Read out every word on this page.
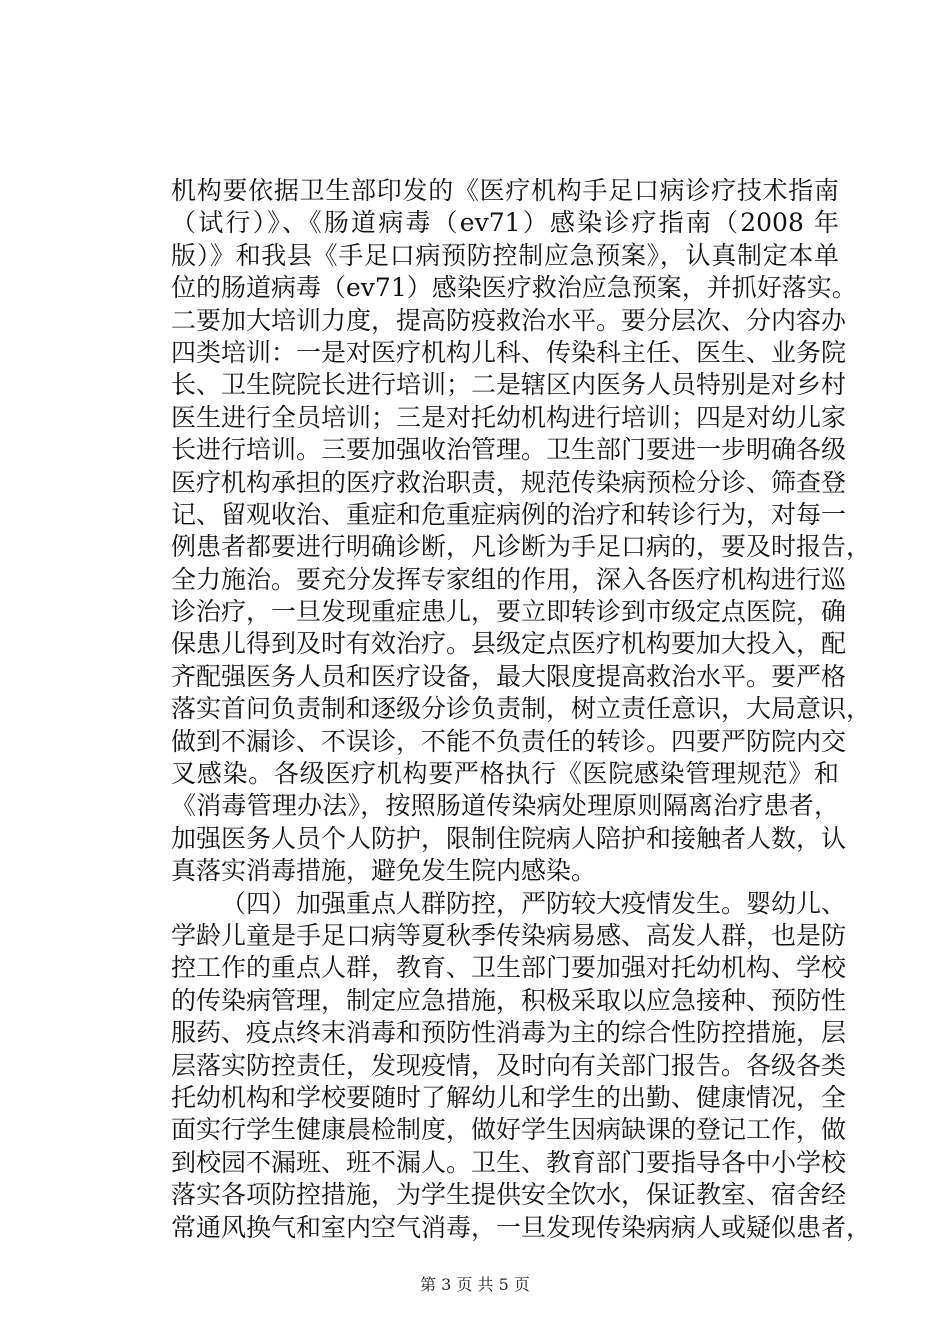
机构要依据卫生部印发的《医疗机构手足口病诊疗技术指南
（试行）》、《肠道病毒（ev71）感染诊疗指南（2008 年
版）》和我县《手足口病预防控制应急预案》，认真制定本单
位的肠道病毒（ev71）感染医疗救治应急预案，并抓好落实。
二要加大培训力度，提高防疫救治水平。要分层次、分内容办
四类培训：一是对医疗机构儿科、传染科主任、医生、业务院
长、卫生院院长进行培训；二是辖区内医务人员特别是对乡村
医生进行全员培训；三是对托幼机构进行培训；四是对幼儿家
长进行培训。三要加强收治管理。卫生部门要进一步明确各级
医疗机构承担的医疗救治职责，规范传染病预检分诊、筛查登
记、留观收治、重症和危重症病例的治疗和转诊行为，对每一
例患者都要进行明确诊断，凡诊断为手足口病的，要及时报告，
全力施治。要充分发挥专家组的作用，深入各医疗机构进行巡
诊治疗，一旦发现重症患儿，要立即转诊到市级定点医院，确
保患儿得到及时有效治疗。县级定点医疗机构要加大投入，配
齐配强医务人员和医疗设备，最大限度提高救治水平。要严格
落实首问负责制和逐级分诊负责制，树立责任意识，大局意识，
做到不漏诊、不误诊，不能不负责任的转诊。四要严防院内交
叉感染。各级医疗机构要严格执行《医院感染管理规范》和
《消毒管理办法》，按照肠道传染病处理原则隔离治疗患者，
加强医务人员个人防护，限制住院病人陪护和接触者人数，认
真落实消毒措施，避免发生院内感染。
（四）加强重点人群防控，严防较大疫情发生。婴幼儿、
学龄儿童是手足口病等夏秋季传染病易感、高发人群，也是防
控工作的重点人群，教育、卫生部门要加强对托幼机构、学校
的传染病管理，制定应急措施，积极采取以应急接种、预防性
服药、疫点终末消毒和预防性消毒为主的综合性防控措施，层
层落实防控责任，发现疫情，及时向有关部门报告。各级各类
托幼机构和学校要随时了解幼儿和学生的出勤、健康情况，全
面实行学生健康晨检制度，做好学生因病缺课的登记工作，做
到校园不漏班、班不漏人。卫生、教育部门要指导各中小学校
落实各项防控措施，为学生提供安全饮水，保证教室、宿舍经
常通风换气和室内空气消毒，一旦发现传染病病人或疑似患者，
第 3 页 共 5 页
